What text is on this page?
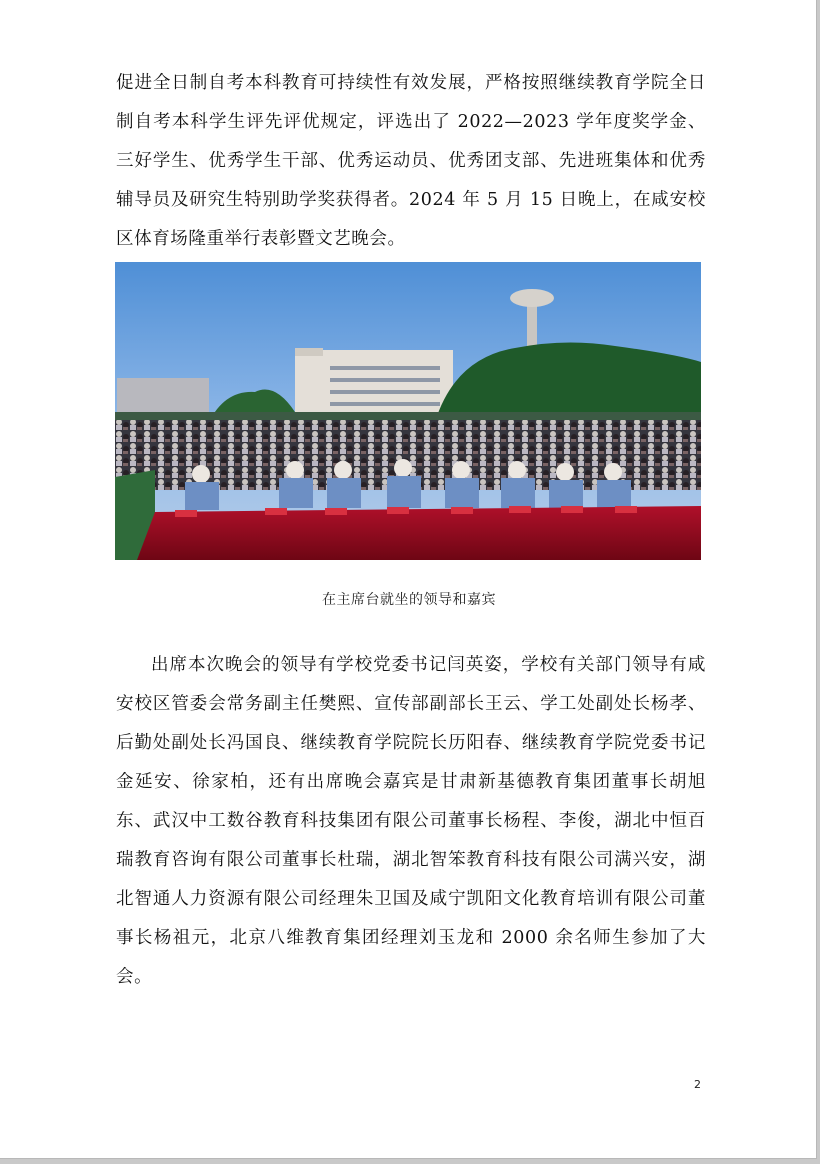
促进全日制自考本科教育可持续性有效发展，严格按照继续教育学院全日制自考本科学生评先评优规定，评选出了 2022—2023 学年度奖学金、三好学生、优秀学生干部、优秀运动员、优秀团支部、先进班集体和优秀辅导员及研究生特别助学奖获得者。2024 年 5 月 15 日晚上，在咸安校区体育场隆重举行表彰暨文艺晚会。

在主席台就坐的领导和嘉宾

出席本次晚会的领导有学校党委书记闫英姿，学校有关部门领导有咸安校区管委会常务副主任樊熙、宣传部副部长王云、学工处副处长杨孝、后勤处副处长冯国良、继续教育学院院长历阳春、继续教育学院党委书记金延安、徐家柏，还有出席晚会嘉宾是甘肃新基德教育集团董事长胡旭东、武汉中工数谷教育科技集团有限公司董事长杨程、李俊，湖北中恒百瑞教育咨询有限公司董事长杜瑞，湖北智笨教育科技有限公司满兴安，湖北智通人力资源有限公司经理朱卫国及咸宁凯阳文化教育培训有限公司董事长杨祖元，北京八维教育集团经理刘玉龙和 2000 余名师生参加了大会。

2
